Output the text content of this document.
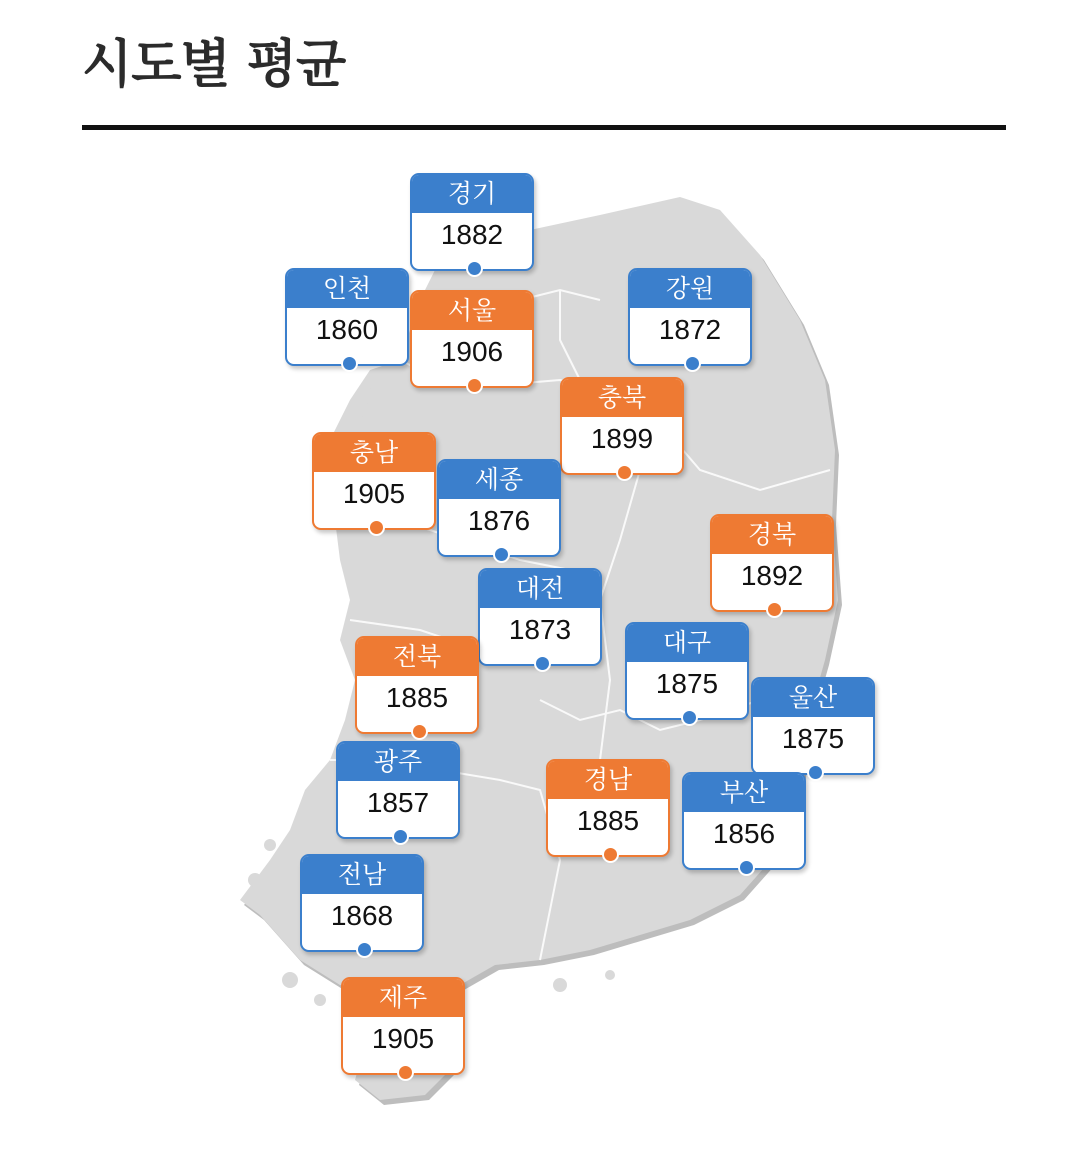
시도별 평균
경기
1882
인천
1860
서울
1906
강원
1872
충북
1899
충남
1905	세종
1876	경북
1892
대전
1873
전북
1885
대구
1875	울산
1875
광주
1857
경남
1885
부산
1856
전남
1868
제주
1905
